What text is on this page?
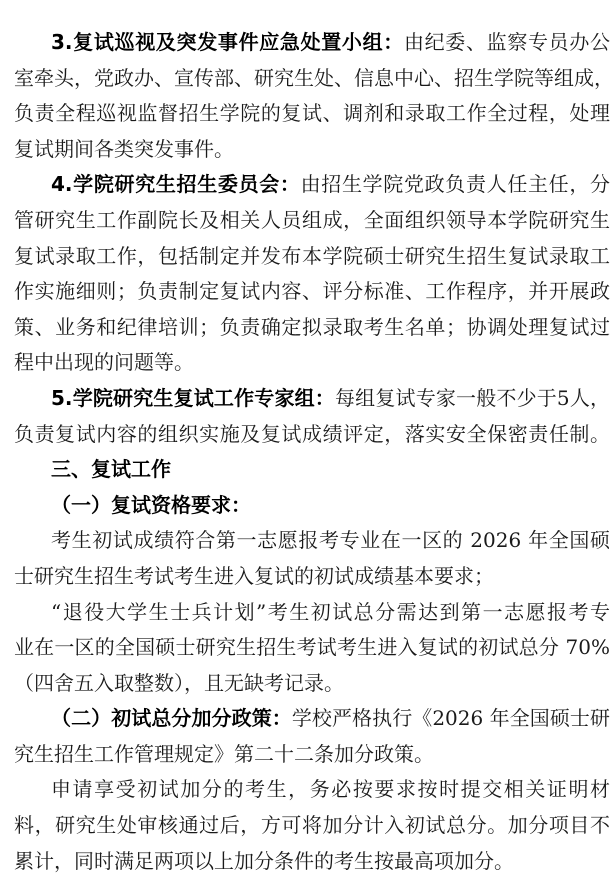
3.复试巡视及突发事件应急处置小组：由纪委、监察专员办公
室牵头，党政办、宣传部、研究生处、信息中心、招生学院等组成，
负责全程巡视监督招生学院的复试、调剂和录取工作全过程，处理
复试期间各类突发事件。
4.学院研究生招生委员会：由招生学院党政负责人任主任，分
管研究生工作副院长及相关人员组成，全面组织领导本学院研究生
复试录取工作，包括制定并发布本学院硕士研究生招生复试录取工
作实施细则；负责制定复试内容、评分标准、工作程序，并开展政
策、业务和纪律培训；负责确定拟录取考生名单；协调处理复试过
程中出现的问题等。
5.学院研究生复试工作专家组：每组复试专家一般不少于5人，
负责复试内容的组织实施及复试成绩评定，落实安全保密责任制。
三、复试工作
（一）复试资格要求：
考生初试成绩符合第一志愿报考专业在一区的 2026 年全国硕
士研究生招生考试考生进入复试的初试成绩基本要求；
“退役大学生士兵计划”考生初试总分需达到第一志愿报考专
业在一区的全国硕士研究生招生考试考生进入复试的初试总分 70%
（四舍五入取整数），且无缺考记录。
（二）初试总分加分政策：学校严格执行《2026 年全国硕士研
究生招生工作管理规定》第二十二条加分政策。
申请享受初试加分的考生，务必按要求按时提交相关证明材
料，研究生处审核通过后，方可将加分计入初试总分。加分项目不
累计，同时满足两项以上加分条件的考生按最高项加分。
